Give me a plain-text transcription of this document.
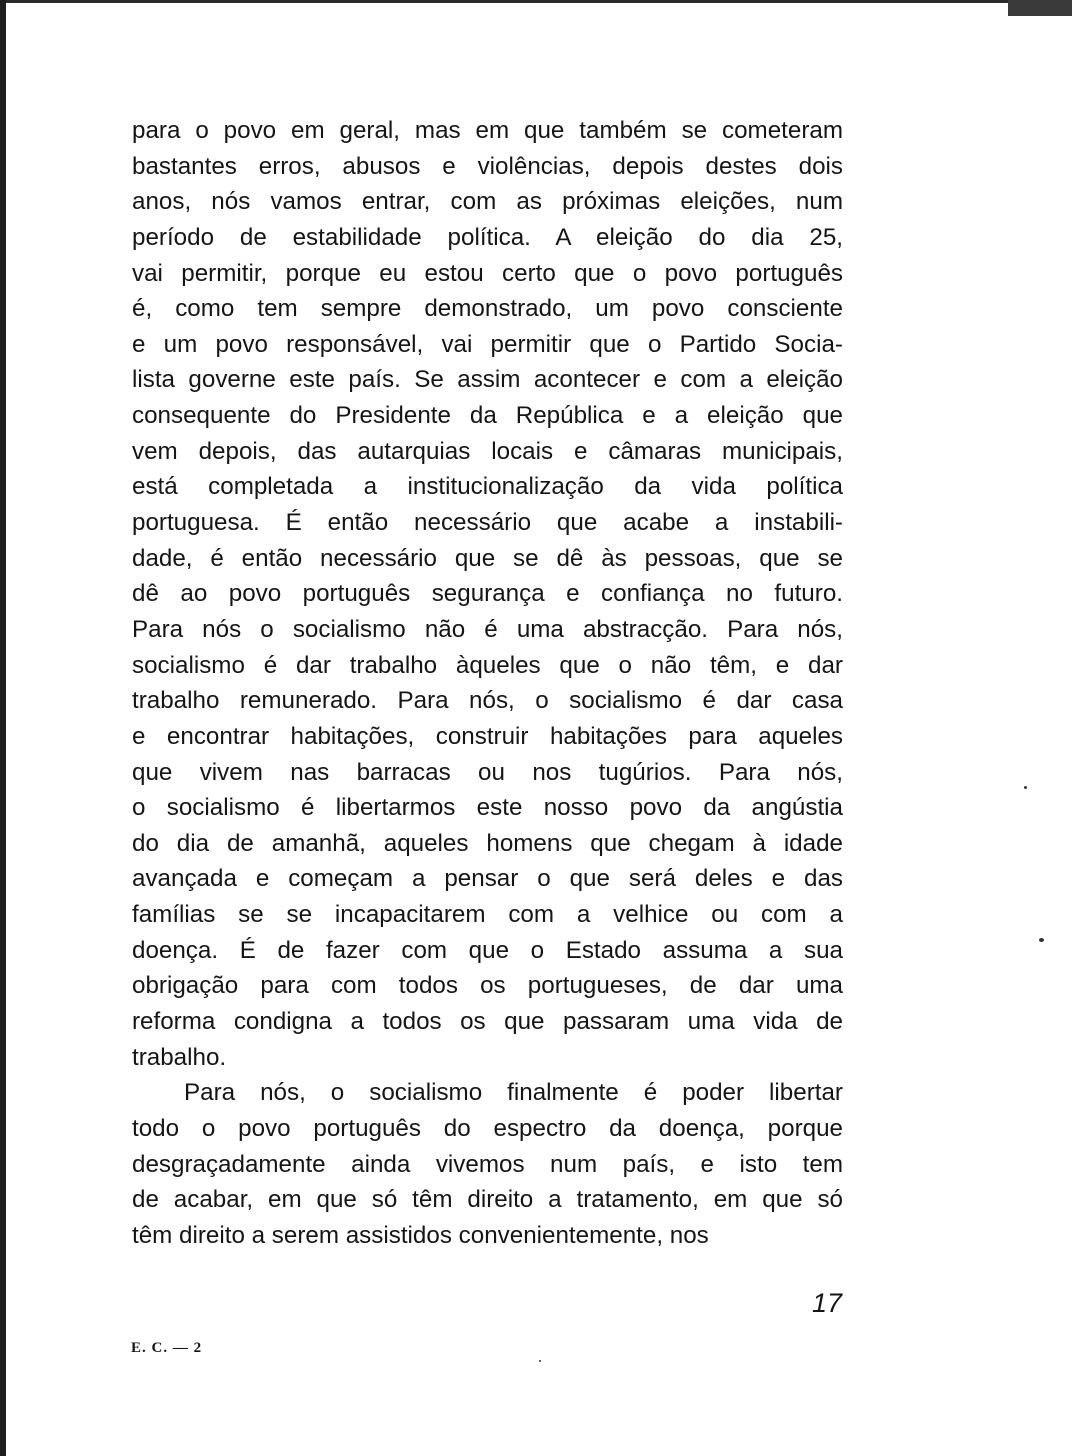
para o povo em geral, mas em que também se cometeram
bastantes erros, abusos e violências, depois destes dois
anos, nós vamos entrar, com as próximas eleições, num
período de estabilidade política. A eleição do dia 25,
vai permitir, porque eu estou certo que o povo português
é, como tem sempre demonstrado, um povo consciente
e um povo responsável, vai permitir que o Partido Socia-
lista governe este país. Se assim acontecer e com a eleição
consequente do Presidente da República e a eleição que
vem depois, das autarquias locais e câmaras municipais,
está completada a institucionalização da vida política
portuguesa. É então necessário que acabe a instabili-
dade, é então necessário que se dê às pessoas, que se
dê ao povo português segurança e confiança no futuro.
Para nós o socialismo não é uma abstracção. Para nós,
socialismo é dar trabalho àqueles que o não têm, e dar
trabalho remunerado. Para nós, o socialismo é dar casa
e encontrar habitações, construir habitações para aqueles
que vivem nas barracas ou nos tugúrios. Para nós,
o socialismo é libertarmos este nosso povo da angústia
do dia de amanhã, aqueles homens que chegam à idade
avançada e começam a pensar o que será deles e das
famílias se se incapacitarem com a velhice ou com a
doença. É de fazer com que o Estado assuma a sua
obrigação para com todos os portugueses, de dar uma
reforma condigna a todos os que passaram uma vida de
trabalho.
Para nós, o socialismo finalmente é poder libertar
todo o povo português do espectro da doença, porque
desgraçadamente ainda vivemos num país, e isto tem
de acabar, em que só têm direito a tratamento, em que só
têm direito a serem assistidos convenientemente, nos
17
E. C. — 2
